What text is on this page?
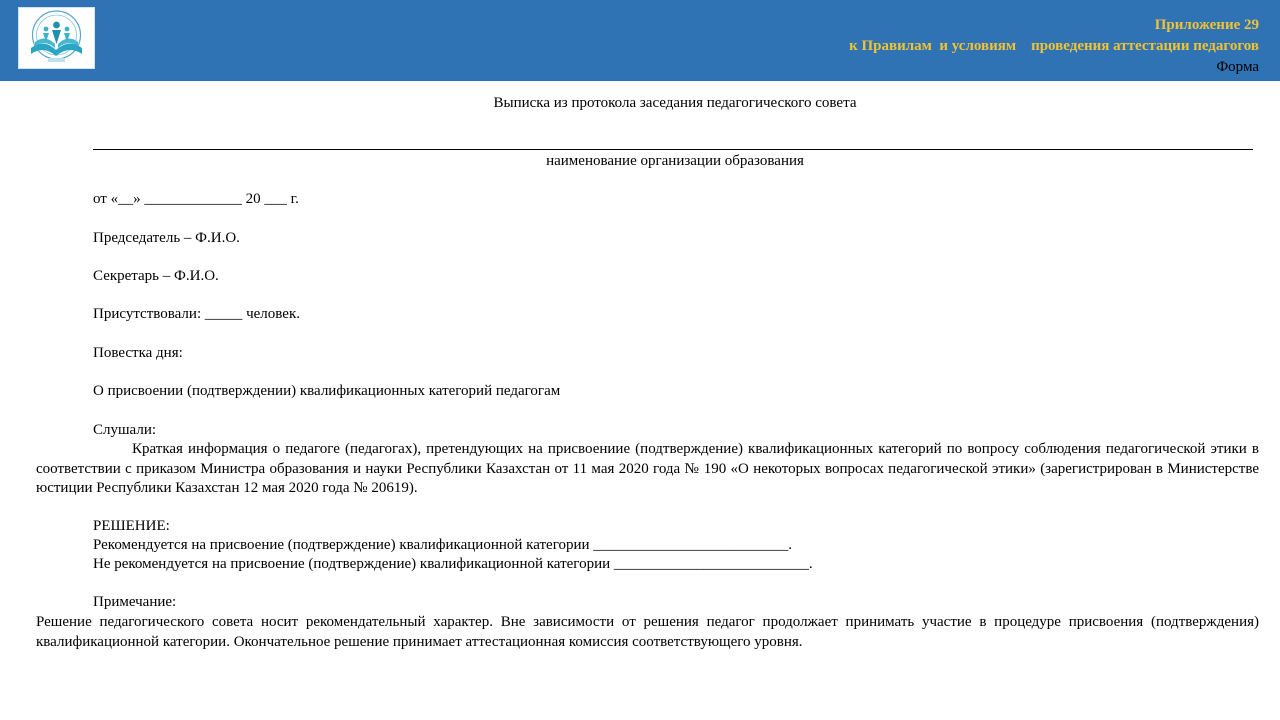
Приложение 29
к Правилам  и условиям    проведения аттестации педагогов
Форма
Выписка из протокола заседания педагогического совета
наименование организации образования
от «__» _____________ 20 ___ г.
Председатель – Ф.И.О.
Секретарь – Ф.И.О.
Присутствовали: _____ человек.
Повестка дня:
О присвоении (подтверждении) квалификационных категорий педагогам
Слушали:
Краткая информация о педагоге (педагогах), претендующих на присвоениие (подтверждение) квалификационных категорий по вопросу соблюдения педагогической этики в соответствии с приказом Министра образования и науки Республики Казахстан от 11 мая 2020 года № 190 «О некоторых вопросах педагогической этики» (зарегистрирован в Министерстве юстиции Республики Казахстан 12 мая 2020 года № 20619).
РЕШЕНИЕ:
Рекомендуется на присвоение (подтверждение) квалификационной категории __________________________.
Не рекомендуется на присвоение (подтверждение) квалификационной категории __________________________.
Примечание:
Решение педагогического совета носит рекомендательный характер. Вне зависимости от решения педагог продолжает принимать участие в процедуре присвоения (подтверждения) квалификационной категории. Окончательное решение принимает аттестационная комиссия соответствующего уровня.
